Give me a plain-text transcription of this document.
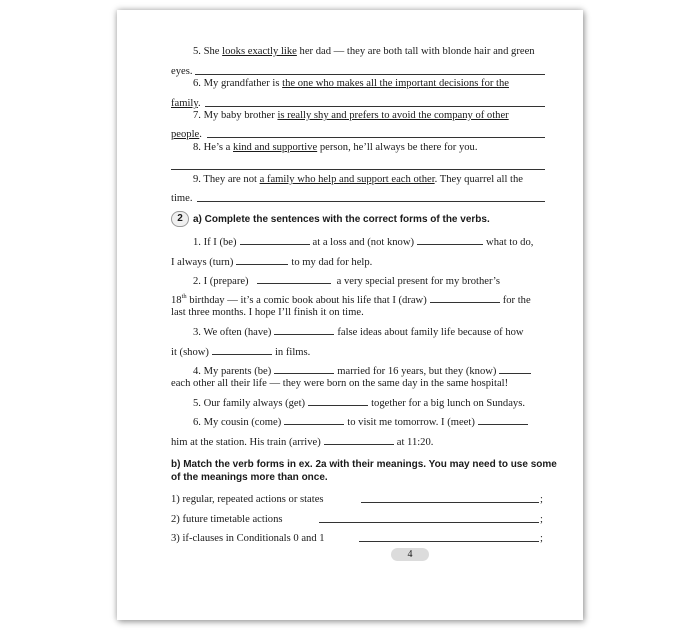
5. She looks exactly like her dad — they are both tall with blonde hair and green
eyes.
6. My grandfather is the one who makes all the important decisions for the
family.
7. My baby brother is really shy and prefers to avoid the company of other
people.
8. He’s a kind and supportive person, he’ll always be there for you.
9. They are not a family who help and support each other. They quarrel all the
time.
2	a) Complete the sentences with the correct forms of the verbs.
1. If I (be)	at a loss and (not know)	what to do,
I always (turn)	to my dad for help.
2. I (prepare)	a very special present for my brother’s
18th birthday — it’s a comic book about his life that I (draw)	for the
last three months. I hope I’ll finish it on time.
3. We often (have)	false ideas about family life because of how
it (show)	in films.
4. My parents (be)	married for 16 years, but they (know)
each other all their life — they were born on the same day in the same hospital!
5. Our family always (get)	together for a big lunch on Sundays.
6. My cousin (come)	to visit me tomorrow. I (meet)
him at the station. His train (arrive)	at 11:20.
b) Match the verb forms in ex. 2a with their meanings. You may need to use some
of the meanings more than once.
1) regular, repeated actions or states	;
2) future timetable actions	;
3) if-clauses in Conditionals 0 and 1	;
4
